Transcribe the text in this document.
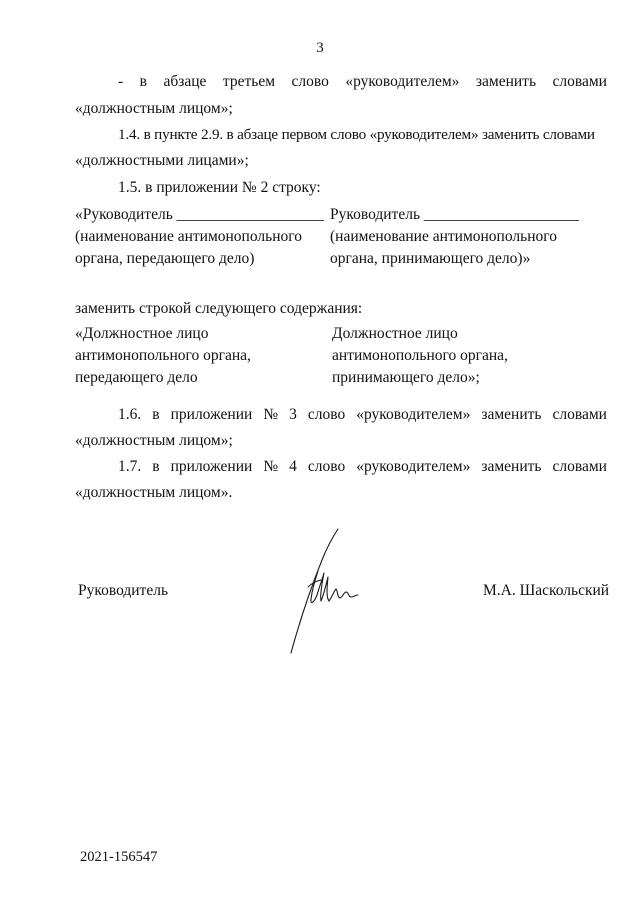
3
- в абзаце третьем слово «руководителем» заменить словами
«должностным лицом»;
1.4. в пункте 2.9. в абзаце первом слово «руководителем» заменить словами
«должностными лицами»;
1.5. в приложении № 2 строку:
«Руководитель ___________________
(наименование антимонопольного
органа, передающего дело)
Руководитель ____________________
(наименование антимонопольного
органа, принимающего дело)»
заменить строкой следующего содержания:
«Должностное лицо
антимонопольного органа,
передающего дело
Должностное лицо
антимонопольного органа,
принимающего дело»;
1.6. в приложении № 3 слово «руководителем» заменить словами
«должностным лицом»;
1.7. в приложении № 4 слово «руководителем» заменить словами
«должностным лицом».
Руководитель	М.А. Шаскольский
2021-156547
